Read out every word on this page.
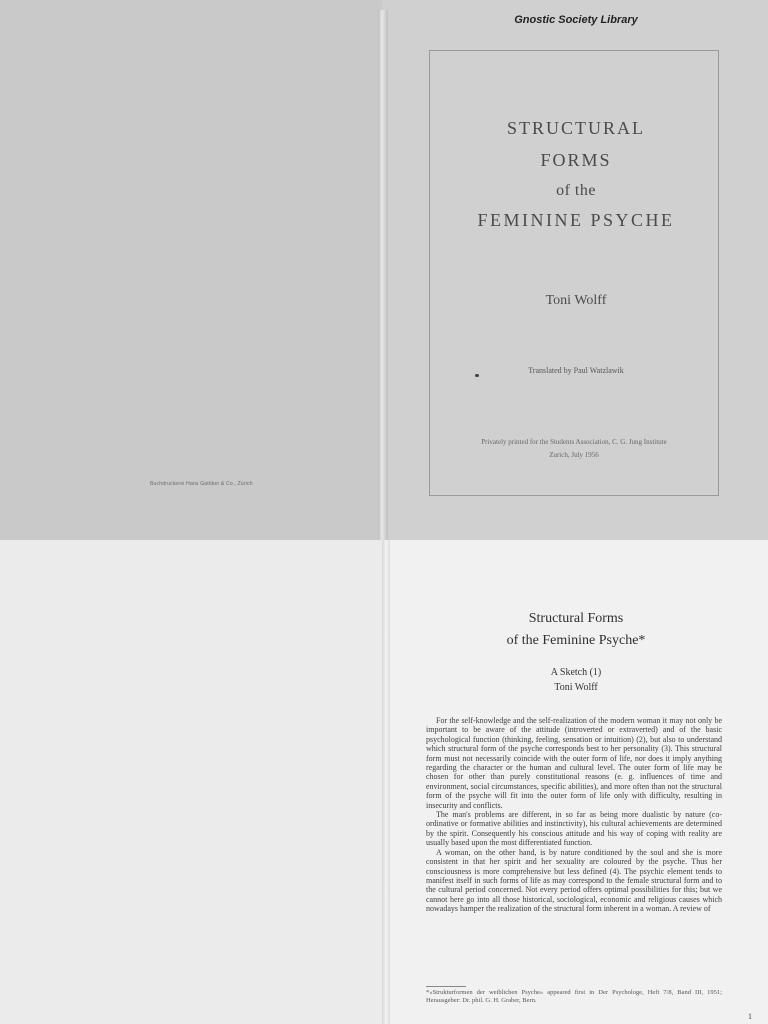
Buchdruckerei Hans Gattiker & Co., Zürich
Gnostic Society Library
STRUCTURAL
FORMS
of the
FEMININE PSYCHE
Toni Wolff
Translated by Paul Watzlawik
Privately printed for the Students Association, C. G. Jung Institute
Zurich, July 1956
Structural Forms
of the Feminine Psyche*
A Sketch (1)
Toni Wolff

For the self-knowledge and the self-realization of the modern woman it may not only be important to be aware of the attitude (introverted or extraverted) and of the basic psychological function (thinking, feeling, sensation or intuition) (2), but also to understand which structural form of the psyche corresponds best to her personality (3). This structural form must not necessarily coincide with the outer form of life, nor does it imply anything regarding the character or the human and cultural level. The outer form of life may be chosen for other than purely constitutional reasons (e. g. influences of time and environment, social circumstances, specific abilities), and more often than not the structural form of the psyche will fit into the outer form of life only with difficulty, resulting in insecurity and conflicts.

The man's problems are different, in so far as being more dualistic by nature (co-ordinative or formative abilities and instinctivity), his cultural achievements are determined by the spirit. Consequently his conscious attitude and his way of coping with reality are usually based upon the most differentiated function.

A woman, on the other hand, is by nature conditioned by the soul and she is more consistent in that her spirit and her sexuality are coloured by the psyche. Thus her consciousness is more comprehensive but less defined (4). The psychic element tends to manifest itself in such forms of life as may correspond to the female structural form and to the cultural period concerned. Not every period offers optimal possibilities for this; but we cannot here go into all those historical, sociological, economic and religious causes which nowadays hamper the realization of the structural form inherent in a woman. A review of

*»Strukturformen der weiblichen Psyche« appeared first in Der Psychologe, Heft 7/8, Band III, 1951; Herausgeber: Dr. phil. G. H. Graber, Bern.
1
